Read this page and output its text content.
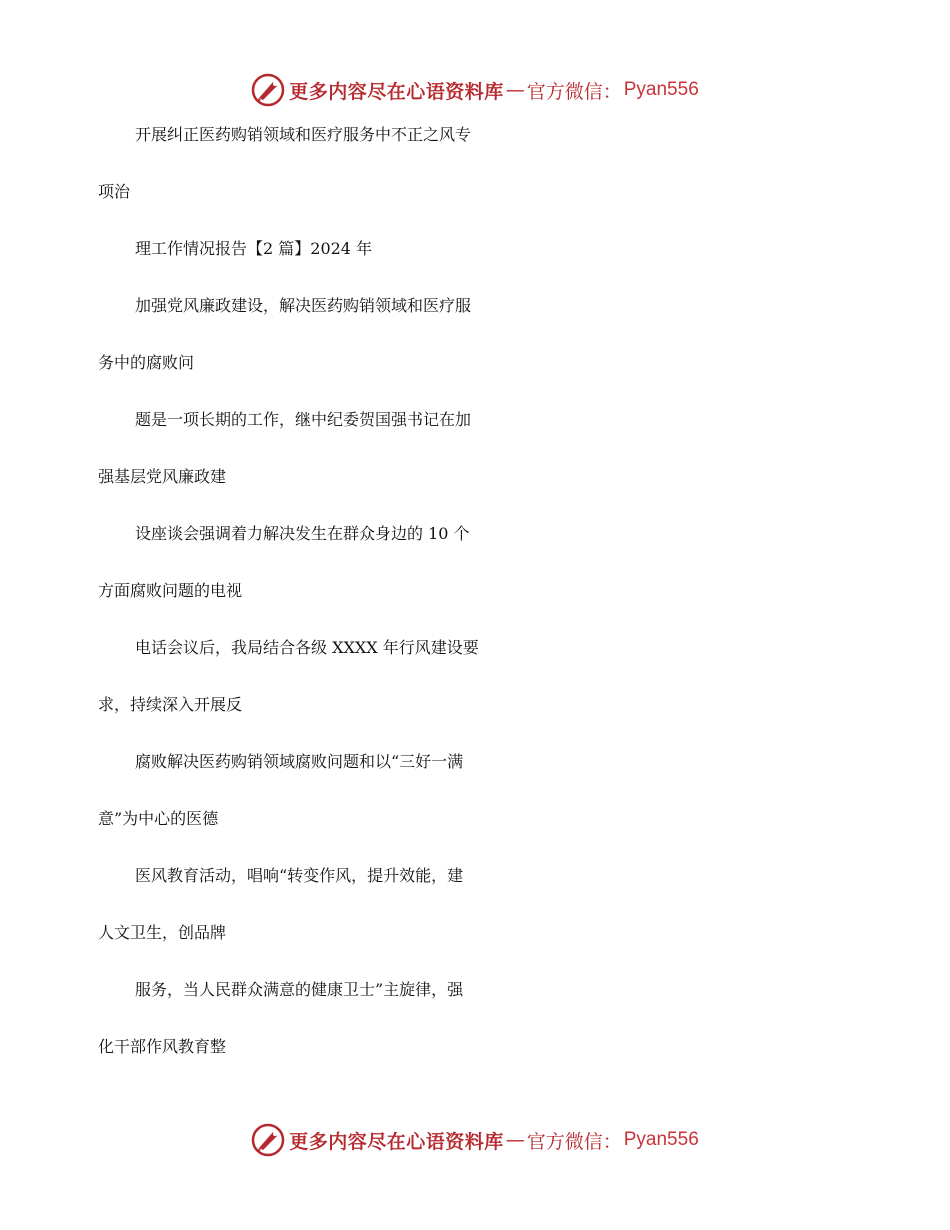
更多内容尽在心语资料库 — 官方微信： Pyan556
开展纠正医药购销领域和医疗服务中不正之风专
项治
理工作情况报告【2 篇】2024 年
加强党风廉政建设，解决医药购销领域和医疗服
务中的腐败问
题是一项长期的工作，继中纪委贺国强书记在加
强基层党风廉政建
设座谈会强调着力解决发生在群众身边的 10 个
方面腐败问题的电视
电话会议后，我局结合各级 XXXX 年行风建设要
求，持续深入开展反
腐败解决医药购销领域腐败问题和以“三好一满
意”为中心的医德
医风教育活动，唱响“转变作风，提升效能，建
人文卫生，创品牌
服务，当人民群众满意的健康卫士”主旋律，强
化干部作风教育整
更多内容尽在心语资料库 — 官方微信： Pyan556
